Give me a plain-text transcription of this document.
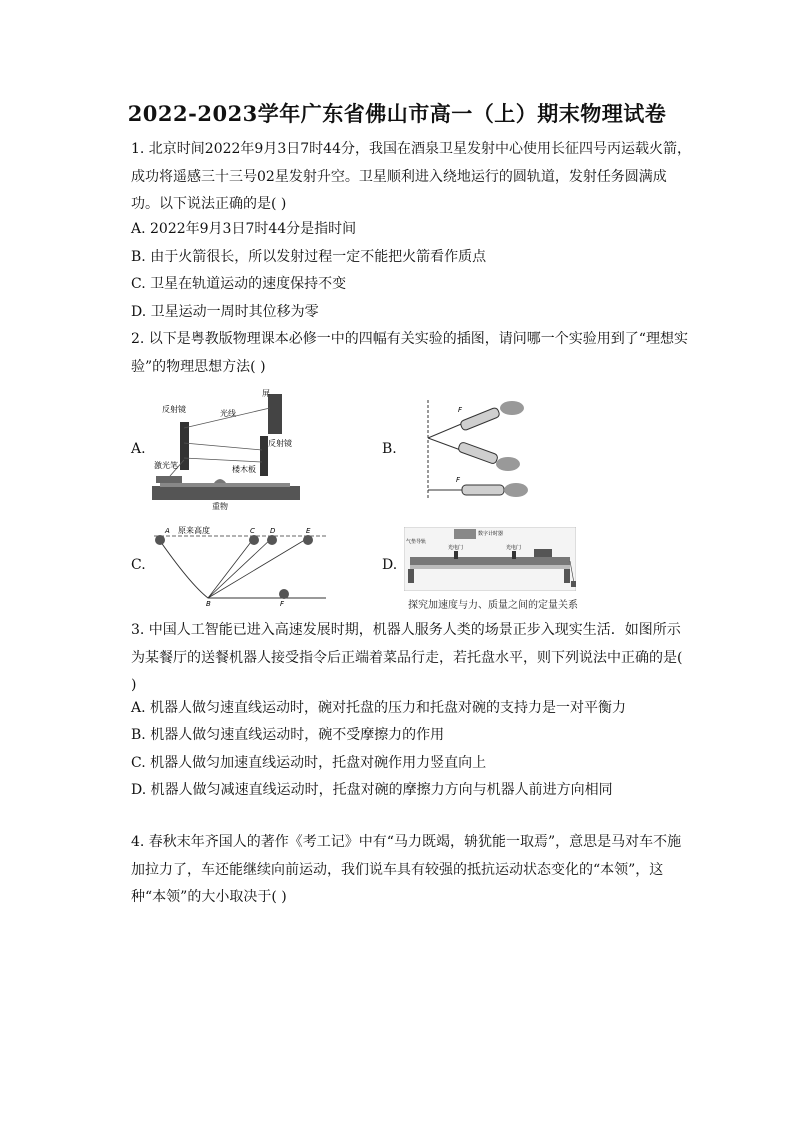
2022-2023学年广东省佛山市高一（上）期末物理试卷

1. 北京时间2022年9月3日7时44分，我国在酒泉卫星发射中心使用长征四号丙运载火箭，成功将遥感三十三号02星发射升空。卫星顺利进入绕地运行的圆轨道，发射任务圆满成功。以下说法正确的是( )

A. 2022年9月3日7时44分是指时间
B. 由于火箭很长，所以发射过程一定不能把火箭看作质点
C. 卫星在轨道运动的速度保持不变
D. 卫星运动一周时其位移为零

2. 以下是粤教版物理课本必修一中的四幅有关实验的插图，请问哪一个实验用到了“理想实验”的物理思想方法( )

A.	B.
C.	D.
屏
光线
反射镜
反射镜
激光笔	楼木板
重物
F
F
原来高度
A	C D	E
B	F
气垫导轨
数字计时器
光电门	光电门
探究加速度与力、质量之间的定量关系

3. 中国人工智能已进入高速发展时期，机器人服务人类的场景正步入现实生活．如图所示为某餐厅的送餐机器人接受指令后正端着菜品行走，若托盘水平，则下列说法中正确的是( )

A. 机器人做匀速直线运动时，碗对托盘的压力和托盘对碗的支持力是一对平衡力
B. 机器人做匀速直线运动时，碗不受摩擦力的作用
C. 机器人做匀加速直线运动时，托盘对碗作用力竖直向上
D. 机器人做匀减速直线运动时，托盘对碗的摩擦力方向与机器人前进方向相同

4. 春秋末年齐国人的著作《考工记》中有“马力既竭，辀犹能一取焉”，意思是马对车不施加拉力了，车还能继续向前运动，我们说车具有较强的抵抗运动状态变化的“本领”，这种“本领”的大小取决于( )
